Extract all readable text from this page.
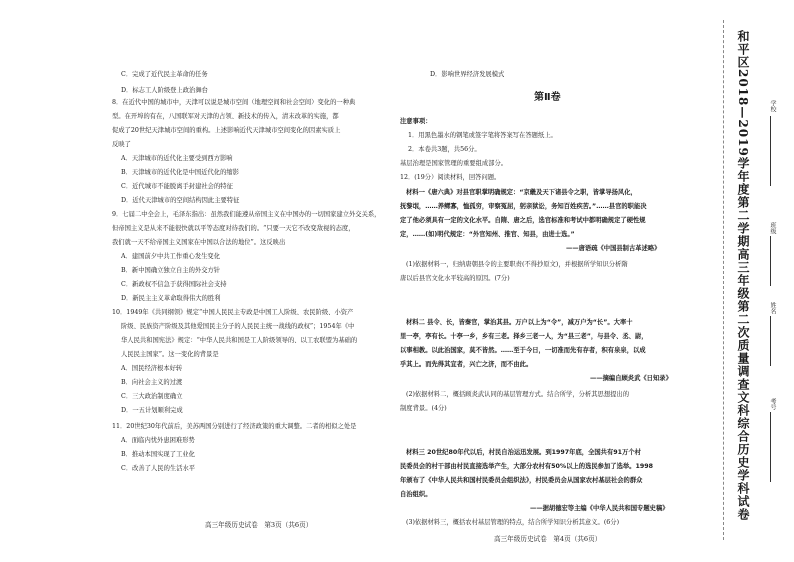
C．完成了近代民主革命的任务
D．标志工人阶级登上政治舞台
8．在近代中国的城市中，天津可以说是城市空间（地理空间和社会空间）变化的一种典
型。在开埠的有在，八国联军对天津的占领、新技术的传入，清末改革的实施，都
促成了20世纪天津城市空间的重构。上述影响近代天津城市空间变化的因素实质上
反映了
A．天津城市的近代化主要受到西方影响
B．天津城市的近代化是中国近代化的缩影
C．近代城市不能脱离手封建社会的特征
D．近代天津城市的空间结构因此主要特征
9．七届二中全会上，毛泽东指出：虽然我们能遵从帝国主义在中国办的一切国家建立外交关系，
但帝国主义是从来不能很快就以平等态度对待我们的。“只要一天它不改变敌视的态度，
我们就一天不给帝国主义国家在中国以合法的地位”。这反映出
A．建国前夕中共工作重心发生变化
B．新中国确立独立自主的外交方针
C．新政权不信急于获得国际社会支持
D．新民主主义革命取得伟大的胜利
10．1949年《共同纲领》规定“中国人民民主专政是中国工人阶级、农民阶级、小资产
阶级、民族资产阶级及其他爱国民主分子的人民民主统一战线的政权”；1954年《中
华人民共和国宪法》规定：“中华人民共和国是工人阶级领导的、以工农联盟为基础的
人民民主国家”。这一变化的背景是
A．国民经济根本好转
B．向社会主义的过渡
C．三大政治制度确立
D．一五计划顺利完成
11．20世纪30年代前后，美苏两国分别进行了经济政策的重大调整。二者的相似之处是
A．面临内忧外患困难形势
B．推动本国实现了工业化
C．改善了人民的生活水平
高三年级历史试卷　第3页（共6页）
D．影响世界经济发展模式
第Ⅱ卷
注意事项：
1．用黑色墨水的钢笔或签字笔将答案写在答题纸上。
2．本卷共3题，共56分。
基层治理是国家管理的重要组成部分。
12．(19分）阅读材料，回答问题。
材料一《唐六典》对县官职掌明确规定：“京畿及天下诸县令之职，皆掌导扬风化，
抚黎氓，……养鳏寡，恤孤穷，审察冤屈，躬亲狱讼，务知百姓疾苦。”……县官的职能决
定了他必须具有一定的文化水平。自隋、唐之后，选官标准和考试中都明确规定了硬性规
定，……(如)明代规定：“外官知州、推官、知县，由进士选。”
——唐语疏《中国县制古革述略》
(1)依据材料一，归纳唐朝县令的主要职责(不得抄原文)，并根据所学知识分析隋
唐以后县官文化水平较高的原因。(7分)
材料二 县令、长，皆秦官，掌治其县。万户以上为“令”，减万户为“长”。大率十
里一亭，亭有长。十亭一乡，乡有三老。择乡三老一人，为“县三老”，与县令、丞、尉，
以事相教。以此治国家，莫不皆然。……至于今日，一切准而先有存者，积有泉泉，以成
乎其上。而先得其宜者，兴亡之济，而不由此。
——摘编自顾炎武《日知录》
(2)依据材料二，概括顾炎武认同的基层管理方式。结合所学，分析其思想提出的
制度背景。(4分)
材料三 20世纪80年代以后，村民自治运迅发展。到1997年底，全国共有91万个村
民委员会的村干部由村民直接选举产生，大部分农村有50%以上的选民参加了选举。1998
年颁布了《中华人民共和国村民委员会组织法》，村民委员会从国家农村基层社会的群众
自治组织。
——据胡德宏等主编《中华人民共和国专题史稿》
(3)依据材料三，概括农村基层管理的特点，结合所学知识分析其意义。(6分)
高三年级历史试卷　第4页（共6页）
和平区2018—2019学年度第二学期高三年级第二次质量调查文科综合历史学科试卷	学校
班级
姓名
考号
